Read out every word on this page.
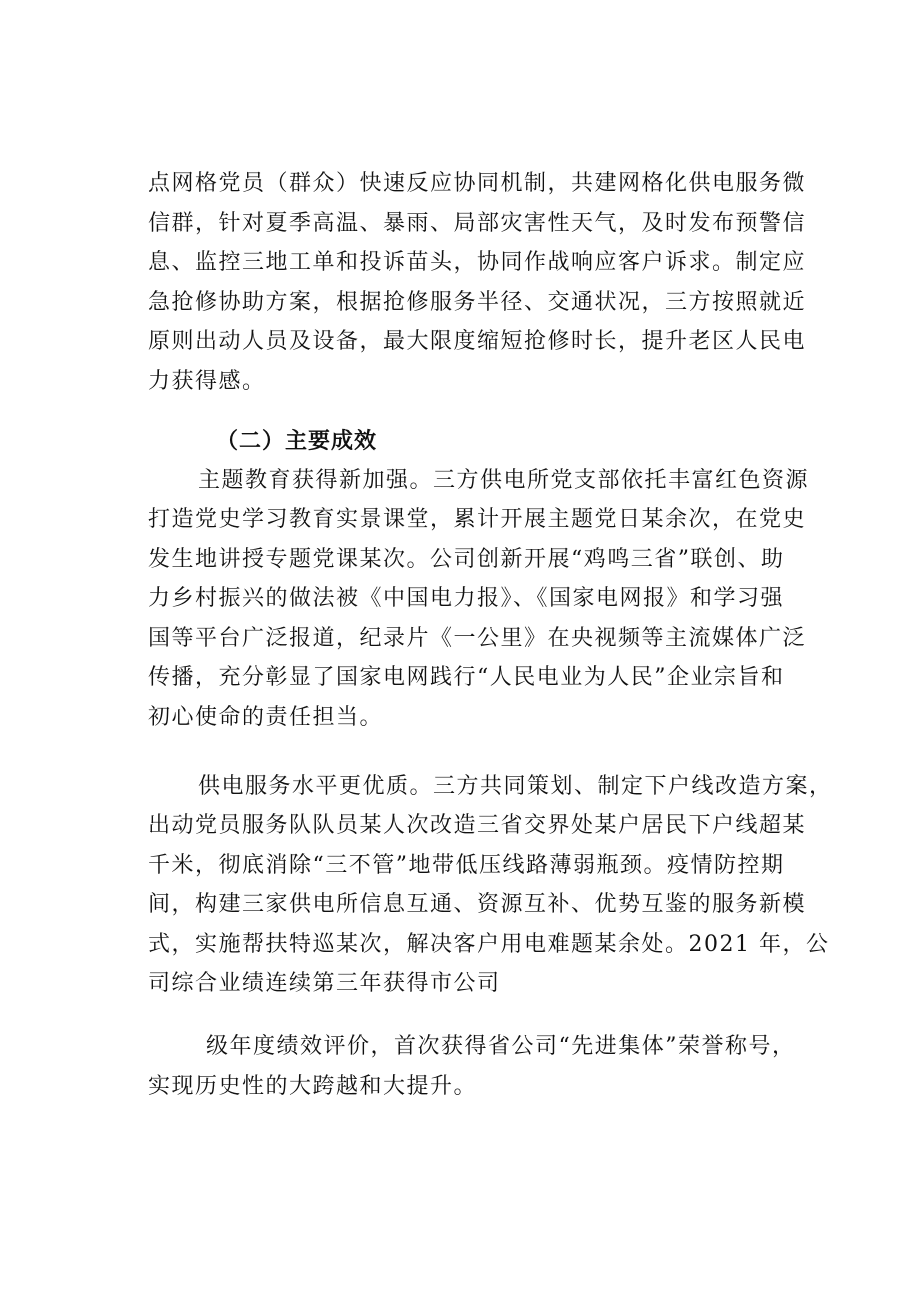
力获得感。
原则出动人员及设备，最大限度缩短抢修时长，提升老区人民电
急抢修协助方案，根据抢修服务半径、交通状况，三方按照就近
息、监控三地工单和投诉苗头，协同作战响应客户诉求。制定应
信群，针对夏季高温、暴雨、局部灾害性天气，及时发布预警信
点网格党员（群众）快速反应协同机制，共建网格化供电服务微
（二）主要成效
主题教育获得新加强。三方供电所党支部依托丰富红色资源
打造党史学习教育实景课堂，累计开展主题党日某余次，在党史
发生地讲授专题党课某次。公司创新开展“鸡鸣三省”联创、助
力乡村振兴的做法被《中国电力报》、《国家电网报》和学习强
国等平台广泛报道，纪录片《一公里》在央视频等主流媒体广泛
传播，充分彰显了国家电网践行“人民电业为人民”企业宗旨和
初心使命的责任担当。
供电服务水平更优质。三方共同策划、制定下户线改造方案，
出动党员服务队队员某人次改造三省交界处某户居民下户线超某
千米，彻底消除“三不管”地带低压线路薄弱瓶颈。疫情防控期
间，构建三家供电所信息互通、资源互补、优势互鉴的服务新模
式，实施帮扶特巡某次，解决客户用电难题某余处。2021 年，公
司综合业绩连续第三年获得市公司
级年度绩效评价，首次获得省公司“先进集体”荣誉称号，
实现历史性的大跨越和大提升。
